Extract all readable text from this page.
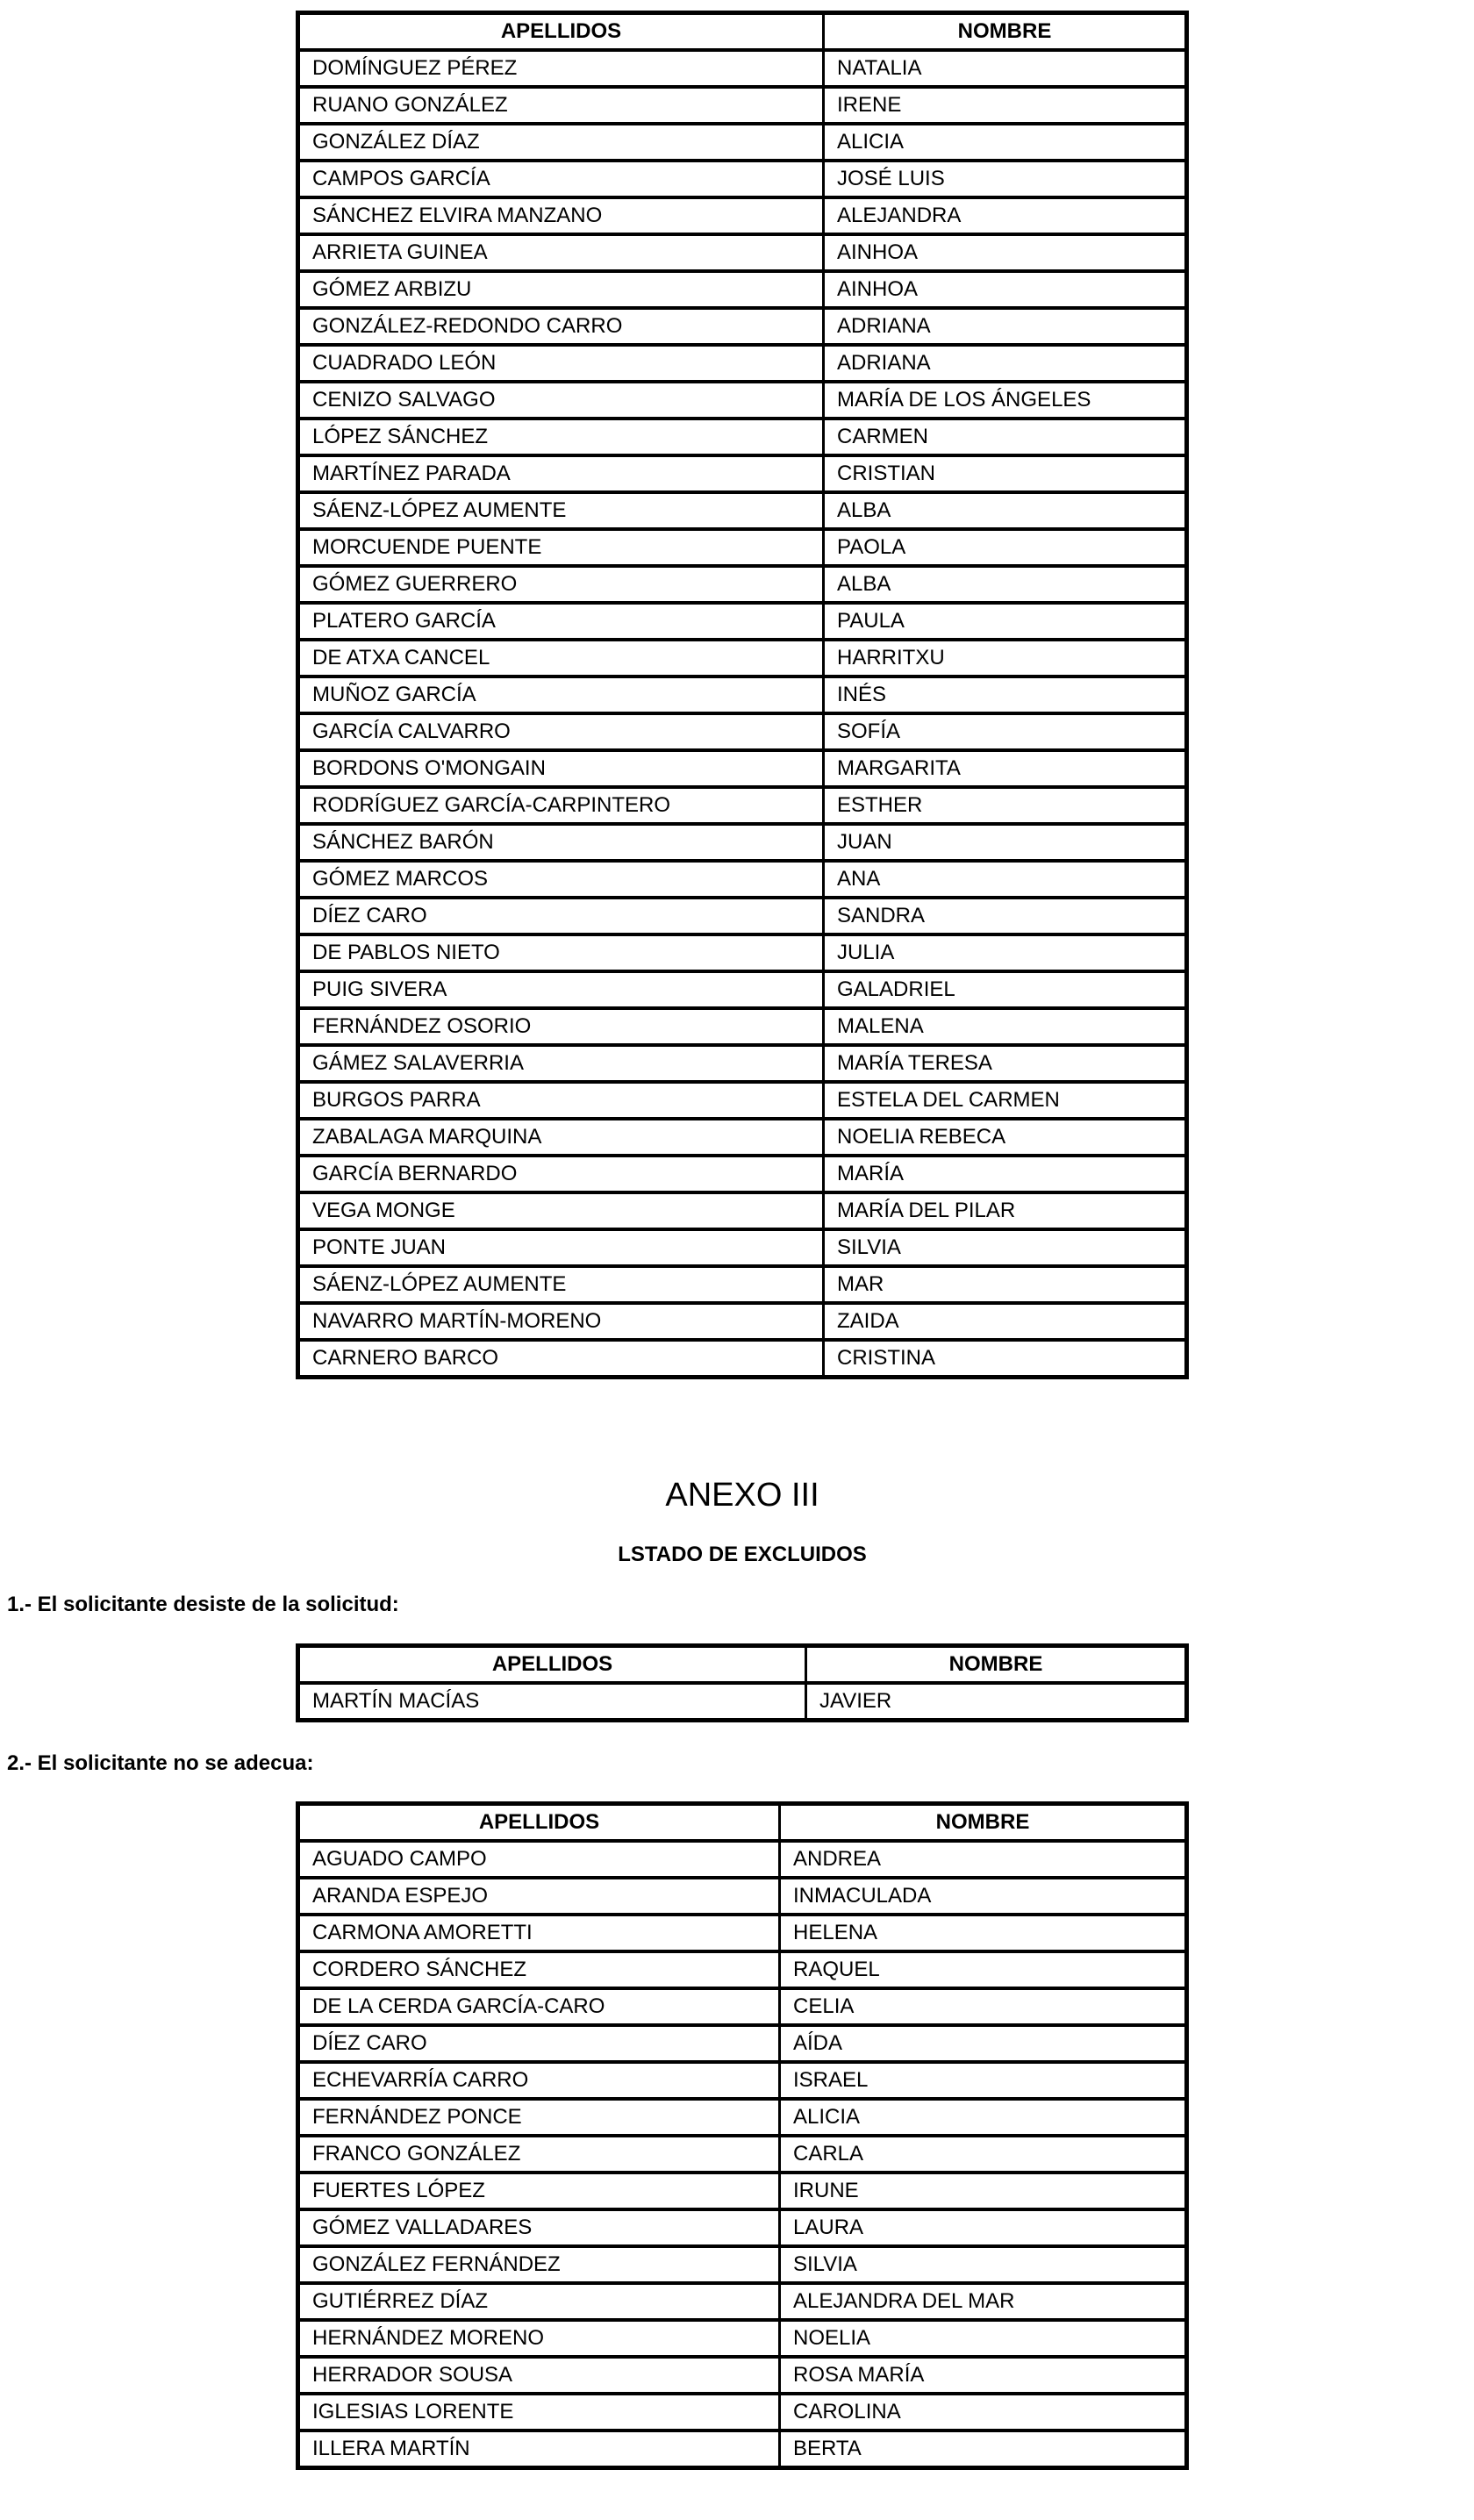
APELLIDOS	NOMBRE
DOMÍNGUEZ PÉREZ	NATALIA
RUANO GONZÁLEZ	IRENE
GONZÁLEZ DÍAZ	ALICIA
CAMPOS GARCÍA	JOSÉ LUIS
SÁNCHEZ ELVIRA MANZANO	ALEJANDRA
ARRIETA GUINEA	AINHOA
GÓMEZ ARBIZU	AINHOA
GONZÁLEZ-REDONDO CARRO	ADRIANA
CUADRADO LEÓN	ADRIANA
CENIZO SALVAGO	MARÍA DE LOS ÁNGELES
LÓPEZ SÁNCHEZ	CARMEN
MARTÍNEZ PARADA	CRISTIAN
SÁENZ-LÓPEZ AUMENTE	ALBA
MORCUENDE PUENTE	PAOLA
GÓMEZ GUERRERO	ALBA
PLATERO GARCÍA	PAULA
DE ATXA CANCEL	HARRITXU
MUÑOZ GARCÍA	INÉS
GARCÍA CALVARRO	SOFÍA
BORDONS O'MONGAIN	MARGARITA
RODRÍGUEZ GARCÍA-CARPINTERO	ESTHER
SÁNCHEZ BARÓN	JUAN
GÓMEZ MARCOS	ANA
DÍEZ CARO	SANDRA
DE PABLOS NIETO	JULIA
PUIG SIVERA	GALADRIEL
FERNÁNDEZ OSORIO	MALENA
GÁMEZ SALAVERRIA	MARÍA TERESA
BURGOS PARRA	ESTELA DEL CARMEN
ZABALAGA MARQUINA	NOELIA REBECA
GARCÍA BERNARDO	MARÍA
VEGA MONGE	MARÍA DEL PILAR
PONTE JUAN	SILVIA
SÁENZ-LÓPEZ AUMENTE	MAR
NAVARRO MARTÍN-MORENO	ZAIDA
CARNERO BARCO	CRISTINA
ANEXO III
LSTADO DE EXCLUIDOS
1.- El solicitante desiste de la solicitud:
APELLIDOS	NOMBRE
MARTÍN MACÍAS	JAVIER
2.- El solicitante no se adecua:
APELLIDOS	NOMBRE
AGUADO CAMPO	ANDREA
ARANDA ESPEJO	INMACULADA
CARMONA AMORETTI	HELENA
CORDERO SÁNCHEZ	RAQUEL
DE LA CERDA GARCÍA-CARO	CELIA
DÍEZ CARO	AÍDA
ECHEVARRÍA CARRO	ISRAEL
FERNÁNDEZ PONCE	ALICIA
FRANCO GONZÁLEZ	CARLA
FUERTES LÓPEZ	IRUNE
GÓMEZ VALLADARES	LAURA
GONZÁLEZ FERNÁNDEZ	SILVIA
GUTIÉRREZ DÍAZ	ALEJANDRA DEL MAR
HERNÁNDEZ MORENO	NOELIA
HERRADOR SOUSA	ROSA MARÍA
IGLESIAS LORENTE	CAROLINA
ILLERA MARTÍN	BERTA
